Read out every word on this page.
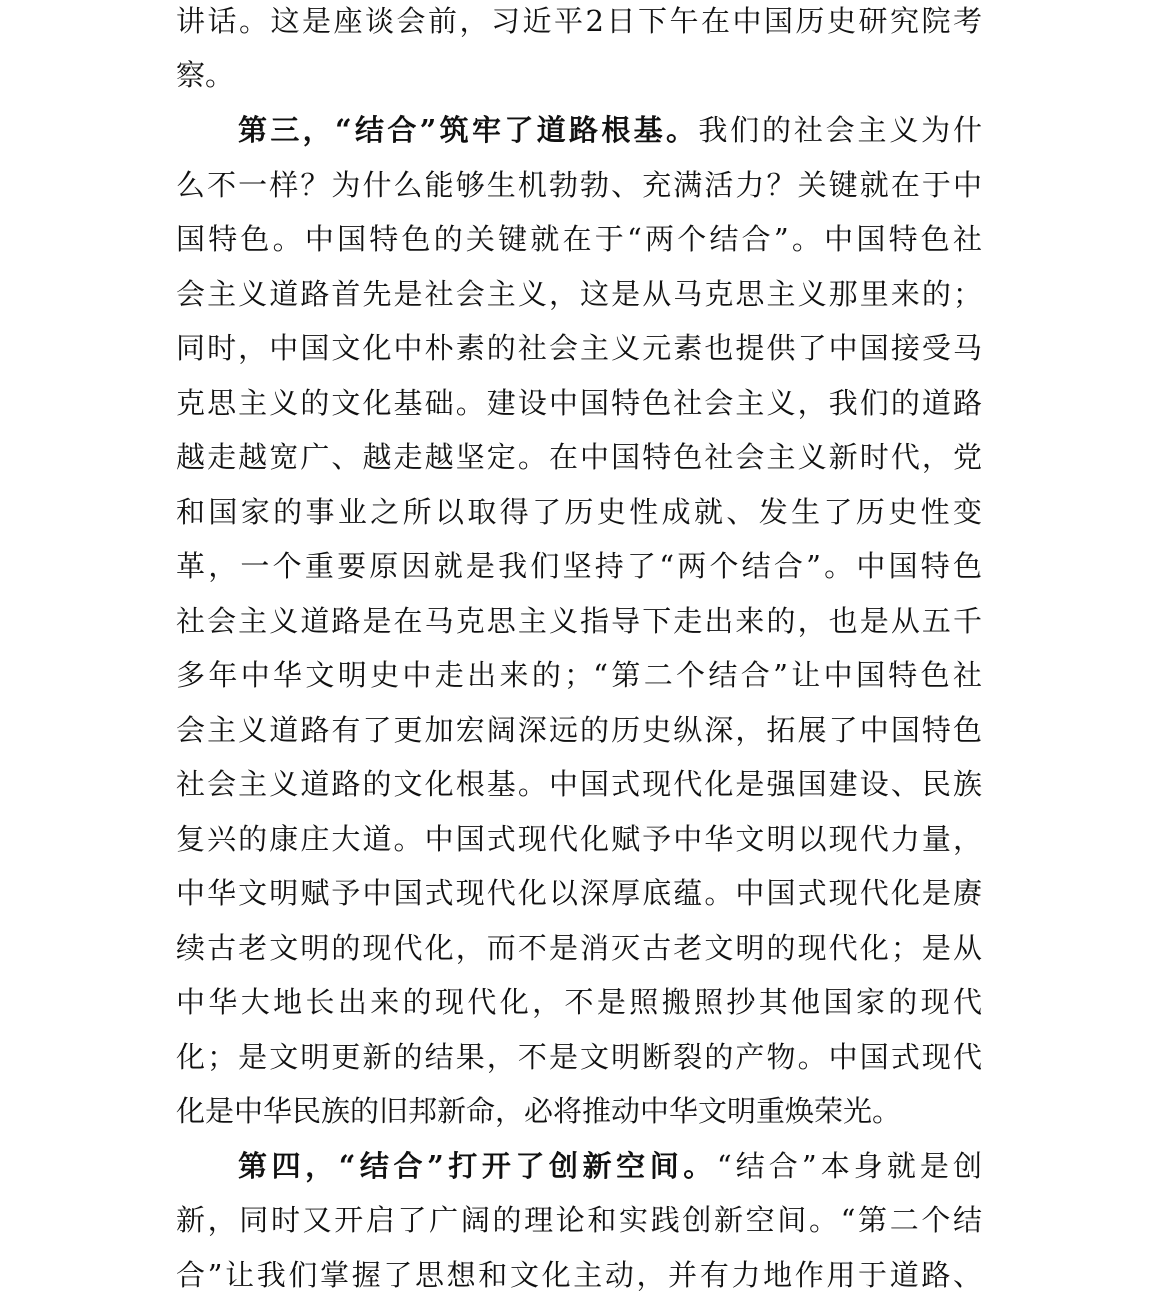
讲话。这是座谈会前，习近平2日下午在中国历史研究院考
察。
第三，“结合”筑牢了道路根基。我们的社会主义为什
么不一样？为什么能够生机勃勃、充满活力？关键就在于中
国特色。中国特色的关键就在于“两个结合”。中国特色社
会主义道路首先是社会主义，这是从马克思主义那里来的；
同时，中国文化中朴素的社会主义元素也提供了中国接受马
克思主义的文化基础。建设中国特色社会主义，我们的道路
越走越宽广、越走越坚定。在中国特色社会主义新时代，党
和国家的事业之所以取得了历史性成就、发生了历史性变
革，一个重要原因就是我们坚持了“两个结合”。中国特色
社会主义道路是在马克思主义指导下走出来的，也是从五千
多年中华文明史中走出来的；“第二个结合”让中国特色社
会主义道路有了更加宏阔深远的历史纵深，拓展了中国特色
社会主义道路的文化根基。中国式现代化是强国建设、民族
复兴的康庄大道。中国式现代化赋予中华文明以现代力量，
中华文明赋予中国式现代化以深厚底蕴。中国式现代化是赓
续古老文明的现代化，而不是消灭古老文明的现代化；是从
中华大地长出来的现代化，不是照搬照抄其他国家的现代
化；是文明更新的结果，不是文明断裂的产物。中国式现代
化是中华民族的旧邦新命，必将推动中华文明重焕荣光。
第四，“结合”打开了创新空间。“结合”本身就是创
新，同时又开启了广阔的理论和实践创新空间。“第二个结
合”让我们掌握了思想和文化主动，并有力地作用于道路、
